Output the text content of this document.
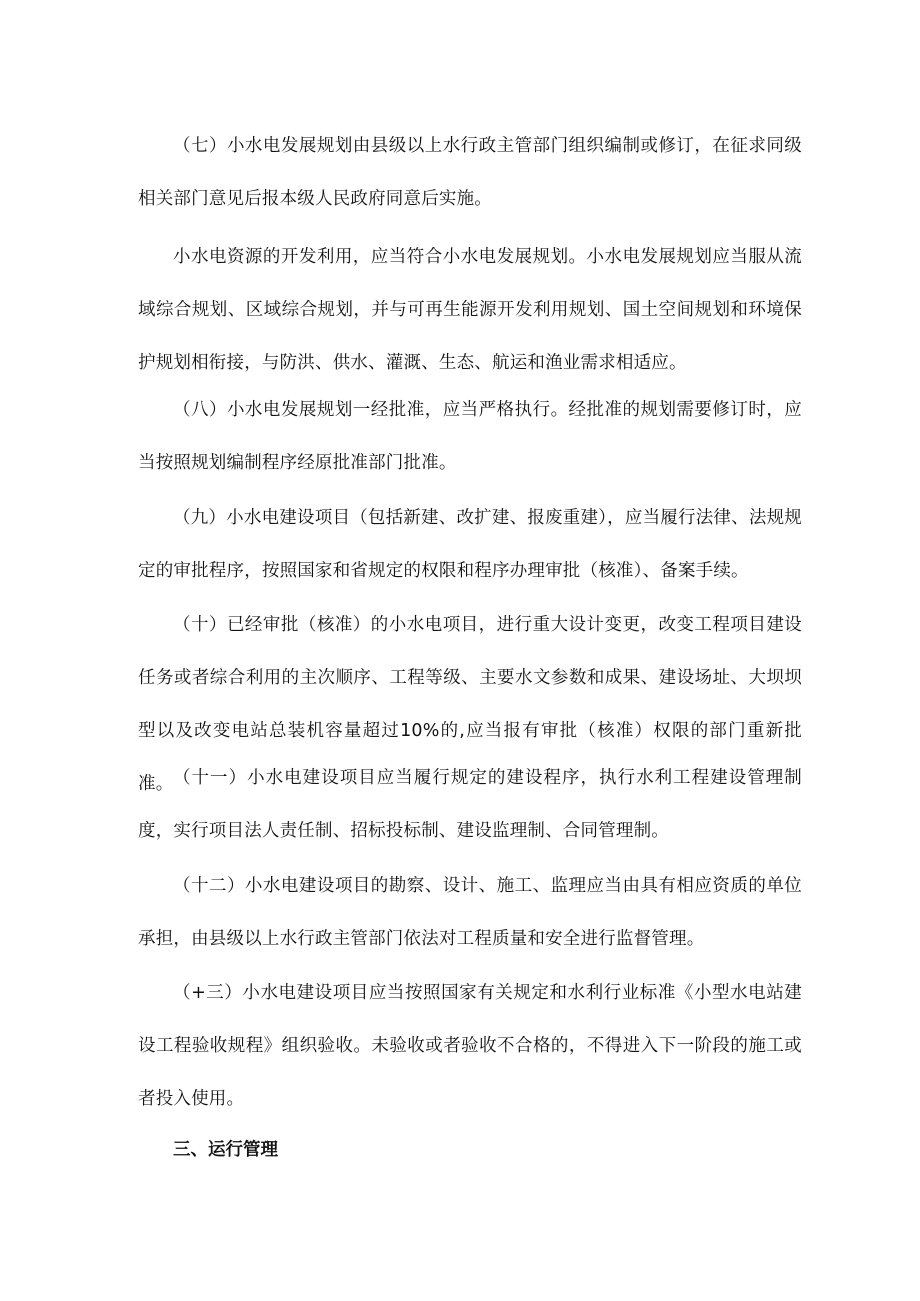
（七）小水电发展规划由县级以上水行政主管部门组织编制或修订，在征求同级相关部门意见后报本级人民政府同意后实施。

小水电资源的开发利用，应当符合小水电发展规划。小水电发展规划应当服从流域综合规划、区域综合规划，并与可再生能源开发利用规划、国土空间规划和环境保护规划相衔接，与防洪、供水、灌溉、生态、航运和渔业需求相适应。

（八）小水电发展规划一经批准，应当严格执行。经批准的规划需要修订时，应当按照规划编制程序经原批准部门批准。

（九）小水电建设项目（包括新建、改扩建、报废重建），应当履行法律、法规规定的审批程序，按照国家和省规定的权限和程序办理审批（核准）、备案手续。

（十）已经审批（核准）的小水电项目，进行重大设计变更，改变工程项目建设任务或者综合利用的主次顺序、工程等级、主要水文参数和成果、建设场址、大坝坝型以及改变电站总装机容量超过10%的,应当报有审批（核准）权限的部门重新批准。 （十一）小水电建设项目应当履行规定的建设程序，执行水利工程建设管理制度，实行项目法人责任制、招标投标制、建设监理制、合同管理制。

（十二）小水电建设项目的勘察、设计、施工、监理应当由具有相应资质的单位承担，由县级以上水行政主管部门依法对工程质量和安全进行监督管理。

（+三）小水电建设项目应当按照国家有关规定和水利行业标准《小型水电站建设工程验收规程》组织验收。未验收或者验收不合格的，不得进入下一阶段的施工或者投入使用。

三、运行管理
